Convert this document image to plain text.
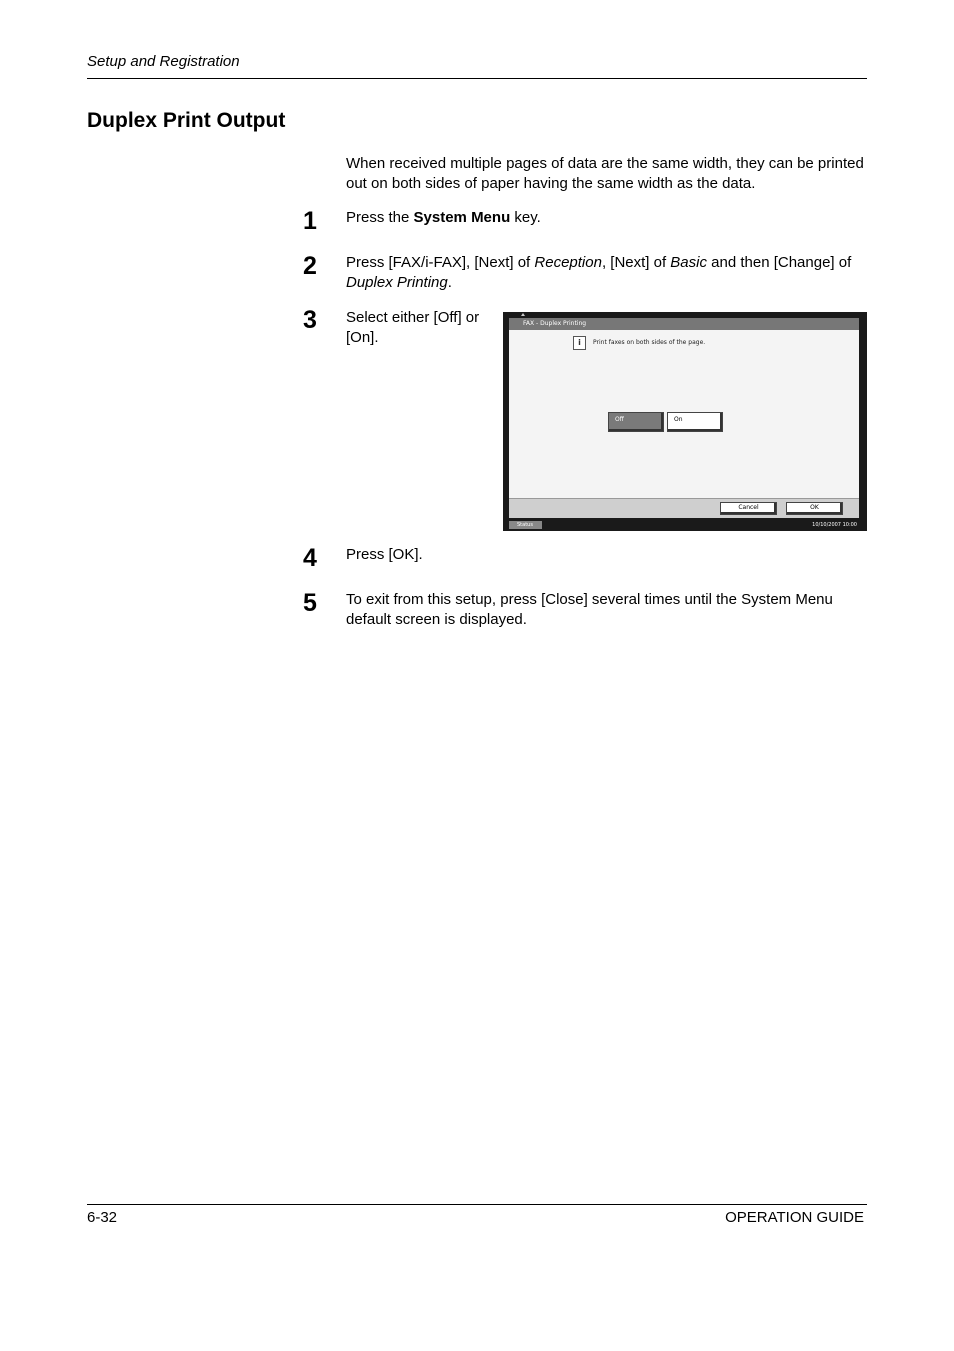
Setup and Registration
Duplex Print Output
When received multiple pages of data are the same width, they can be printed out on both sides of paper having the same width as the data.
1 Press the System Menu key.
2 Press [FAX/i-FAX], [Next] of Reception, [Next] of Basic and then [Change] of Duplex Printing.
3 Select either [Off] or [On].
FAX - Duplex Printing
i	Print faxes on both sides of the page.
Off	On
Cancel	OK
Status	10/10/2007 10:00
4 Press [OK].
5 To exit from this setup, press [Close] several times until the System Menu default screen is displayed.
6-32	OPERATION GUIDE
